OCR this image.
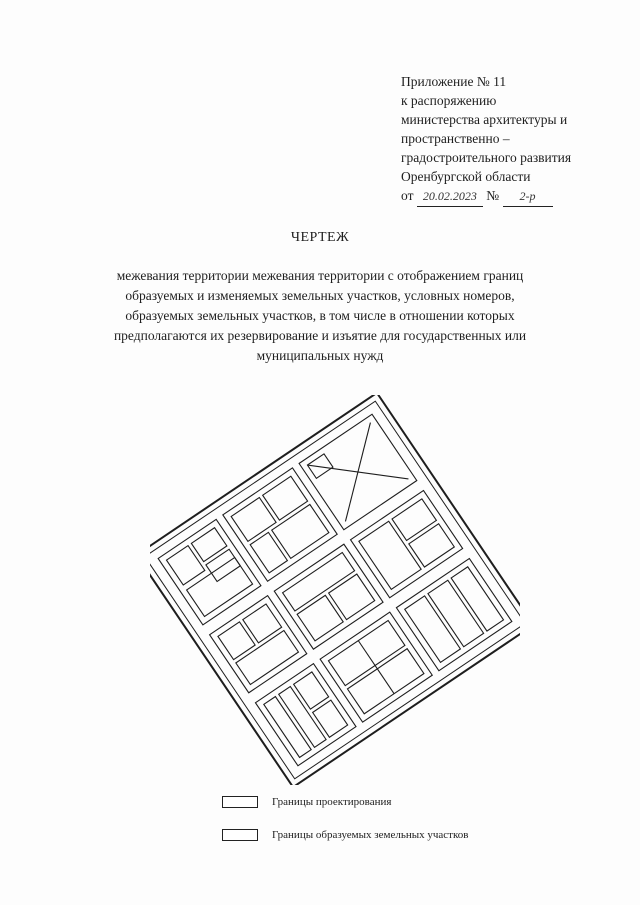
Приложение № 11
к распоряжению
министерства архитектуры и
пространственно –
градостроительного развития
Оренбургской области
от 20.02.2023 № 2-р
ЧЕРТЕЖ
межевания территории межевания территории с отображением границ образуемых и изменяемых земельных участков, условных номеров, образуемых земельных участков, в том числе в отношении которых предполагаются их резервирование и изъятие для государственных или муниципальных нужд
Границы проектирования
Границы образуемых земельных участков
